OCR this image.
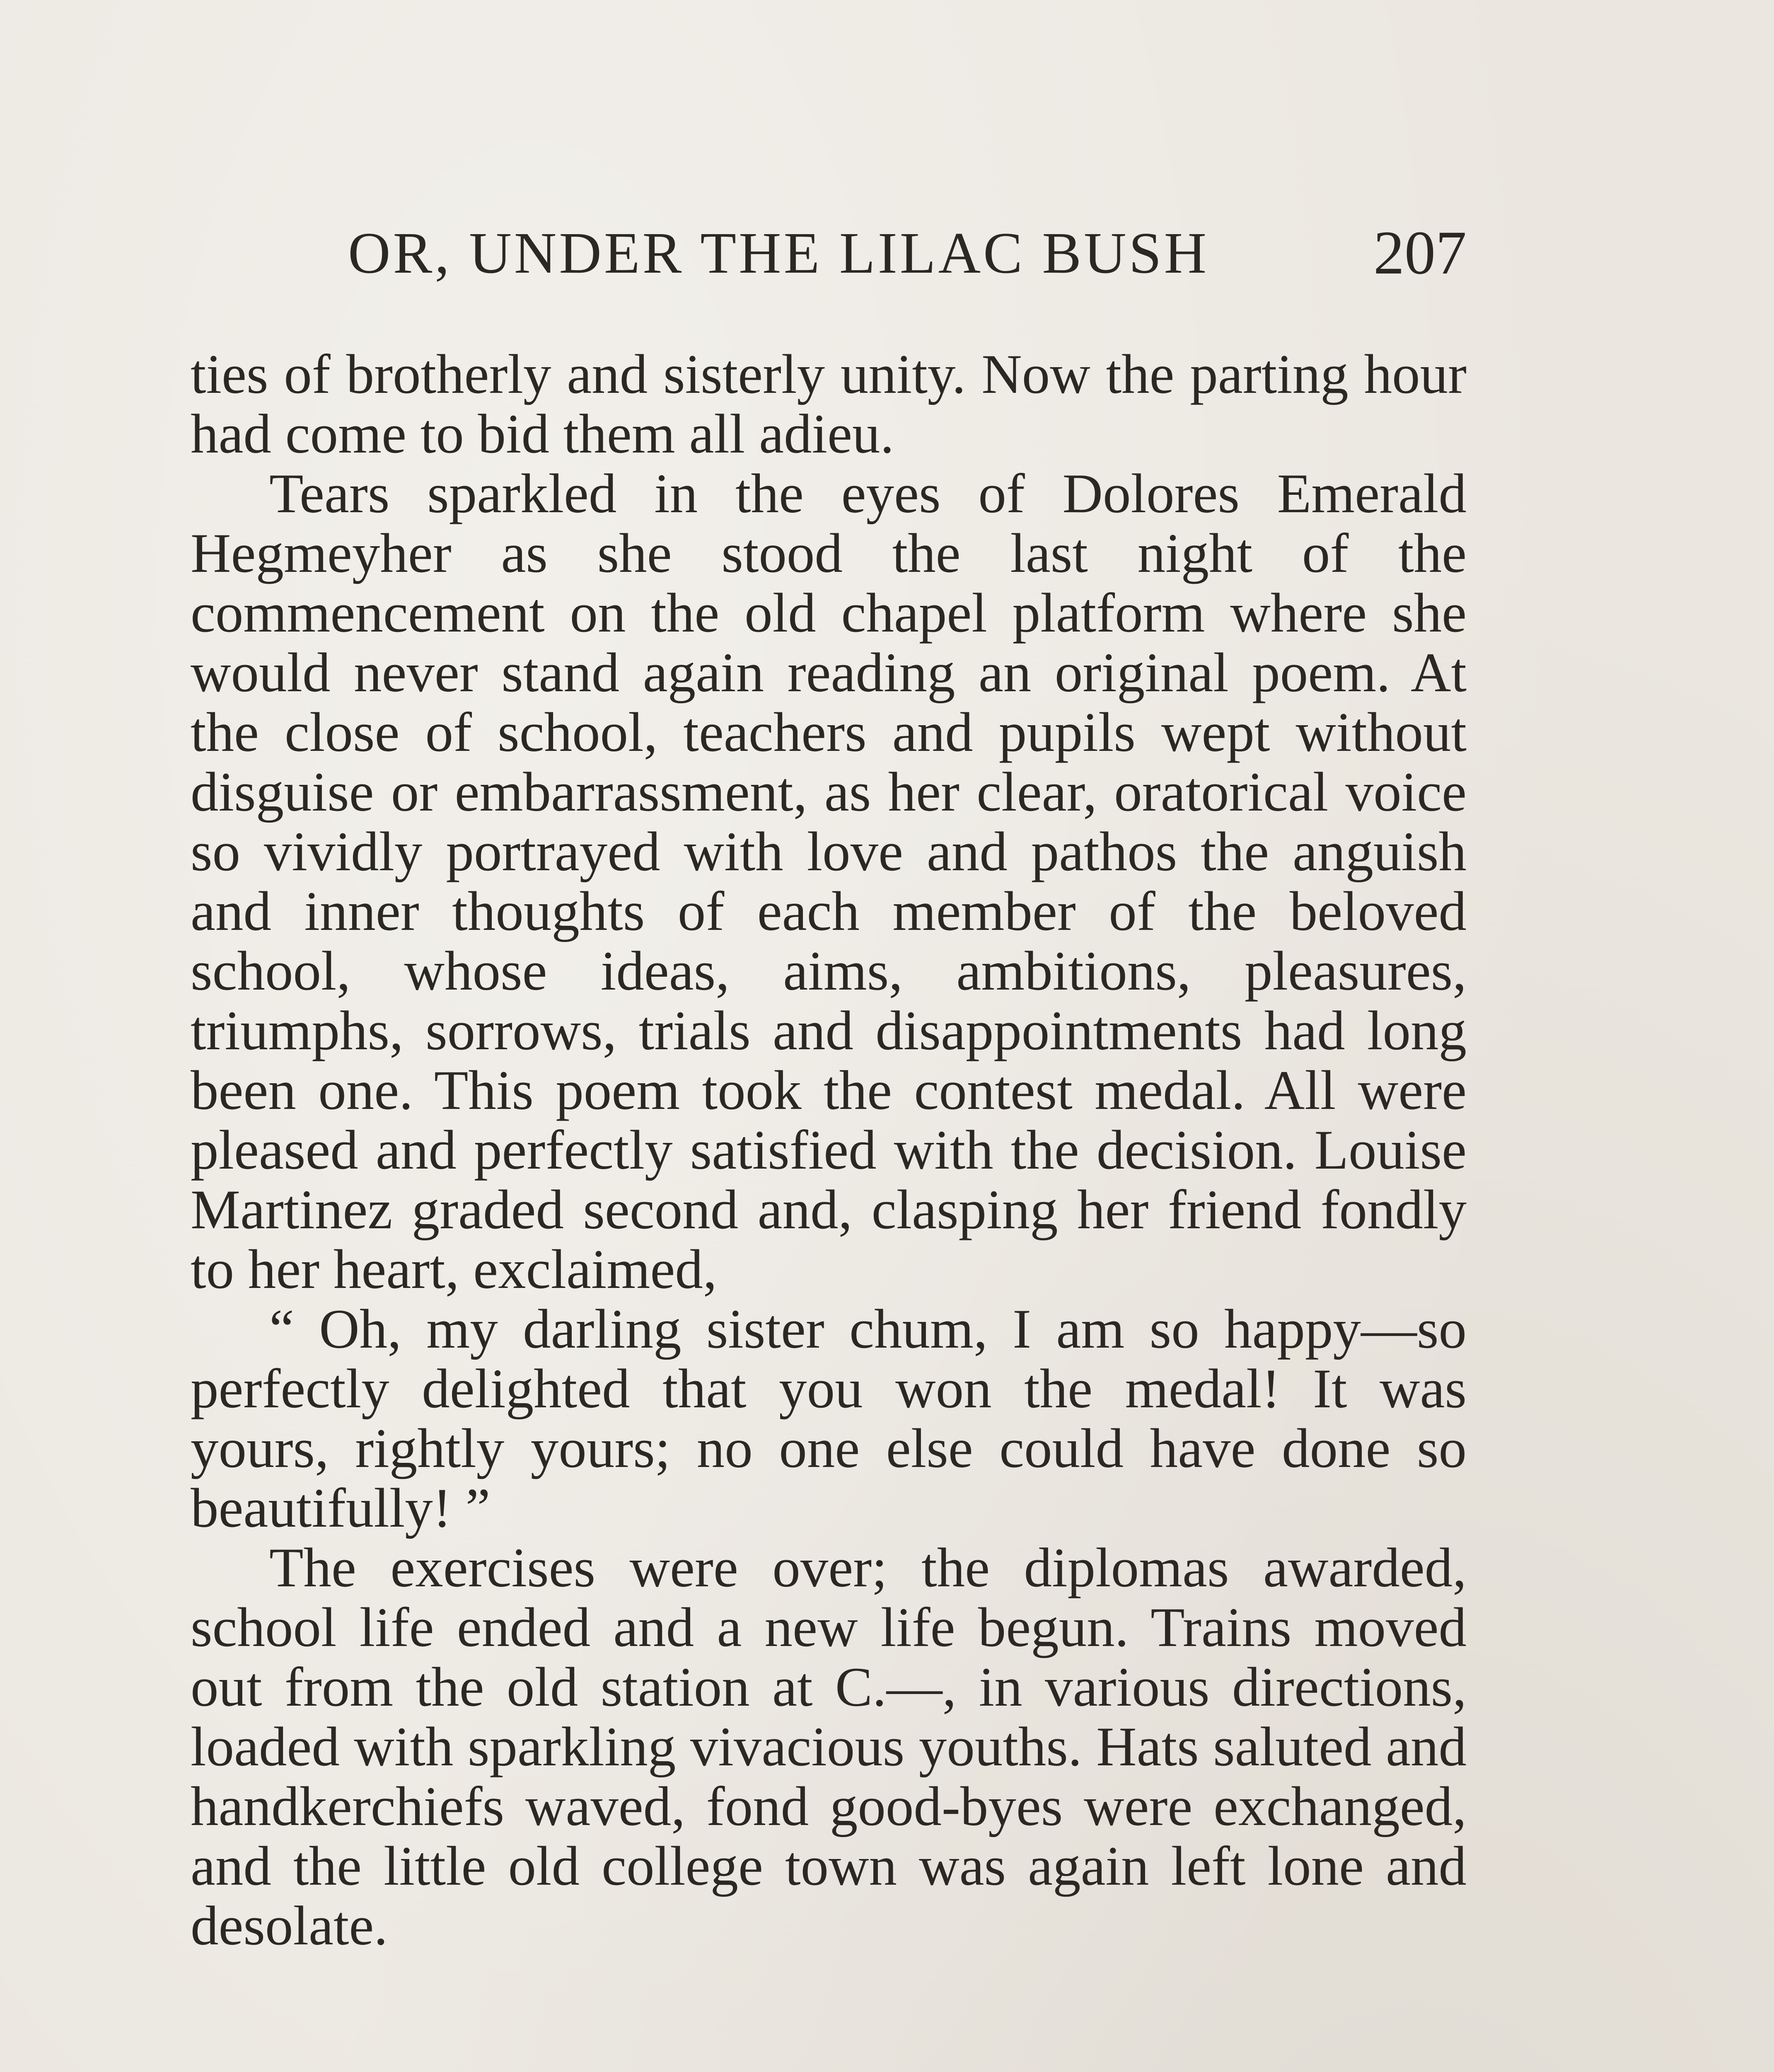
OR, UNDER THE LILAC BUSH	207

ties of brotherly and sisterly unity. Now the parting hour had come to bid them all adieu.

Tears sparkled in the eyes of Dolores Emerald Hegmeyher as she stood the last night of the commencement on the old chapel platform where she would never stand again reading an original poem. At the close of school, teachers and pupils wept without disguise or embarrassment, as her clear, oratorical voice so vividly portrayed with love and pathos the anguish and inner thoughts of each member of the beloved school, whose ideas, aims, ambitions, pleasures, triumphs, sorrows, trials and disappointments had long been one. This poem took the contest medal. All were pleased and perfectly satisfied with the decision. Louise Martinez graded second and, clasping her friend fondly to her heart, exclaimed,

“ Oh, my darling sister chum, I am so happy—so perfectly delighted that you won the medal! It was yours, rightly yours; no one else could have done so beautifully! ”

The exercises were over; the diplomas awarded, school life ended and a new life begun. Trains moved out from the old station at C.—, in various directions, loaded with sparkling vivacious youths. Hats saluted and handkerchiefs waved, fond good-byes were exchanged, and the little old college town was again left lone and desolate.
